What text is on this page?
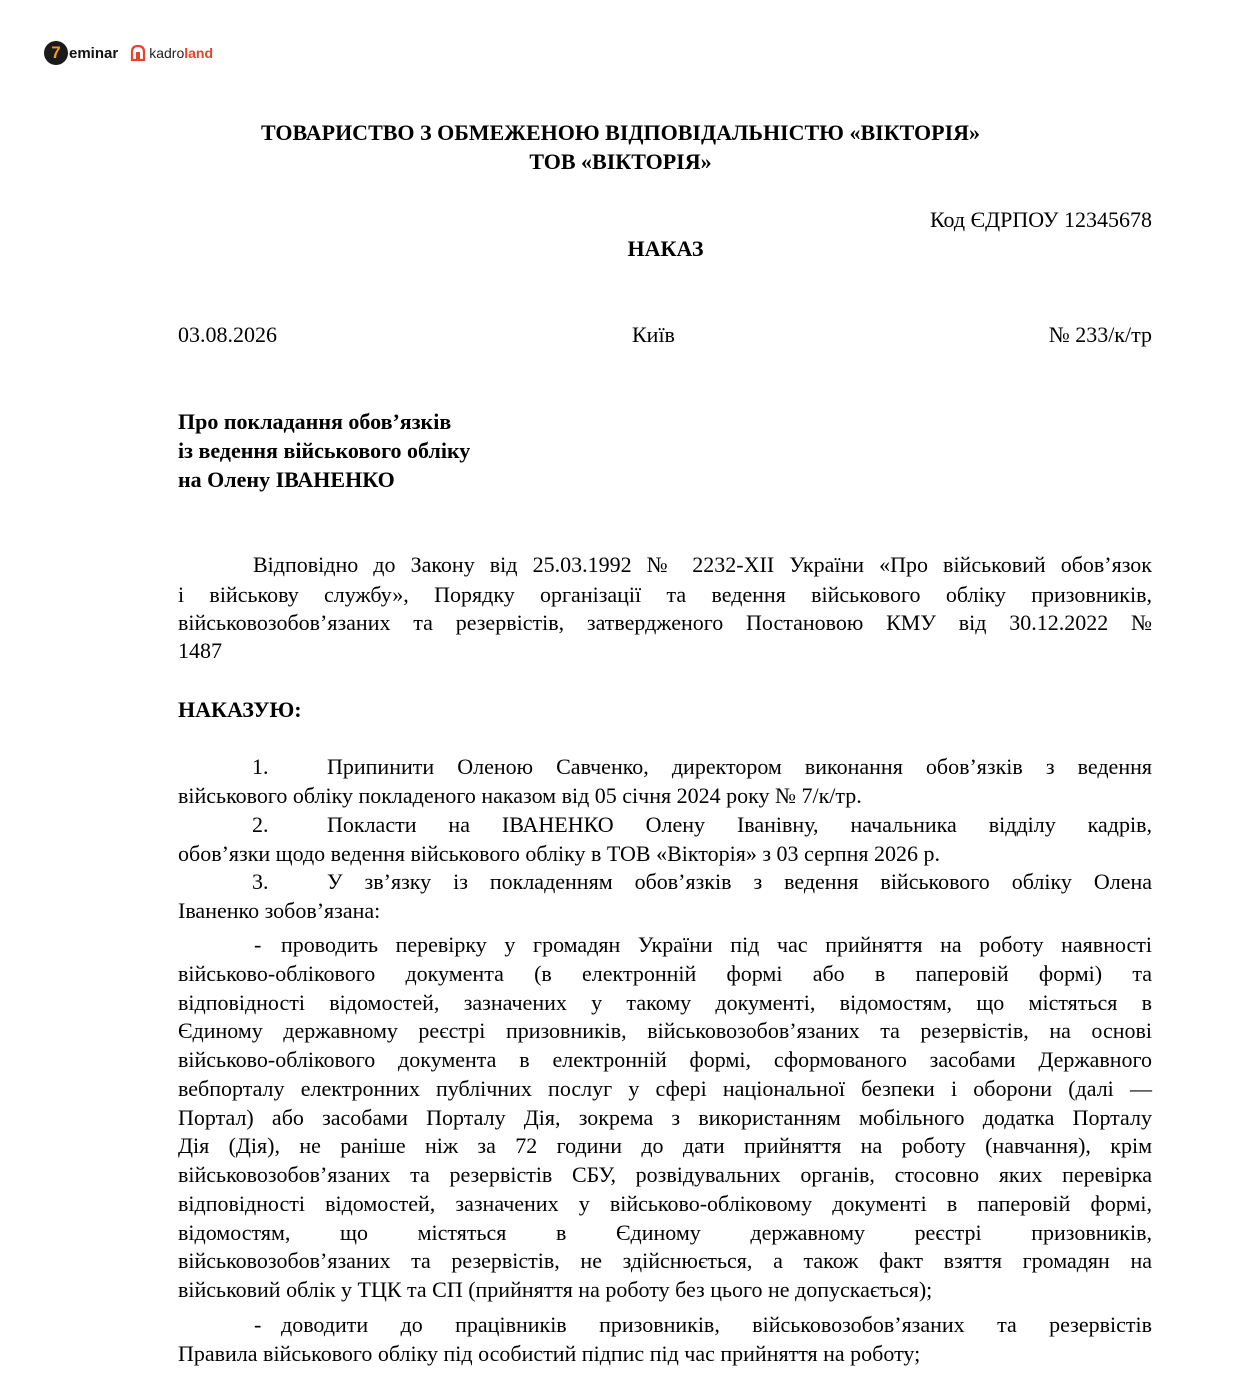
7 eminar kadro land
ТОВАРИСТВО З ОБМЕЖЕНОЮ ВІДПОВІДАЛЬНІСТЮ «ВІКТОРІЯ»
ТОВ «ВІКТОРІЯ»
Код ЄДРПОУ 12345678
НАКАЗ
03.08.2026	Київ	№ 233/к/тр
Про покладання обов’язків
із ведення військового обліку
на Олену ІВАНЕНКО
Відповідно до Закону від 25.03.1992 № 2232-XII України «Про військовий обов’язок
і військову службу», Порядку організації та ведення військового обліку призовників,
військовозобов’язаних та резервістів, затвердженого Постановою КМУ від 30.12.2022 №
1487
НАКАЗУЮ:
1.	Припинити Оленою Савченко, директором виконання обов’язків з ведення
військового обліку покладеного наказом від 05 січня 2024 року № 7/к/тр.
2.	Покласти на ІВАНЕНКО Олену Іванівну, начальника відділу кадрів,
обов’язки щодо ведення військового обліку в ТОВ «Вікторія» з 03 серпня 2026 р.
3.	У зв’язку із покладенням обов’язків з ведення військового обліку Олена
Іваненко зобов’язана:
- проводить перевірку у громадян України під час прийняття на роботу наявності
військово-облікового документа (в електронній формі або в паперовій формі) та
відповідності відомостей, зазначених у такому документі, відомостям, що містяться в
Єдиному державному реєстрі призовників, військовозобов’язаних та резервістів, на основі
військово-облікового документа в електронній формі, сформованого засобами Державного
вебпорталу електронних публічних послуг у сфері національної безпеки і оборони (далі —
Портал) або засобами Порталу Дія, зокрема з використанням мобільного додатка Порталу
Дія (Дія), не раніше ніж за 72 години до дати прийняття на роботу (навчання), крім
військовозобов’язаних та резервістів СБУ, розвідувальних органів, стосовно яких перевірка
відповідності відомостей, зазначених у військово-обліковому документі в паперовій формі,
відомостям, що містяться в Єдиному державному реєстрі призовників,
військовозобов’язаних та резервістів, не здійснюється, а також факт взяття громадян на
військовий облік у ТЦК та СП (прийняття на роботу без цього не допускається);
- доводити до працівників призовників, військовозобов’язаних та резервістів
Правила військового обліку під особистий підпис під час прийняття на роботу;
